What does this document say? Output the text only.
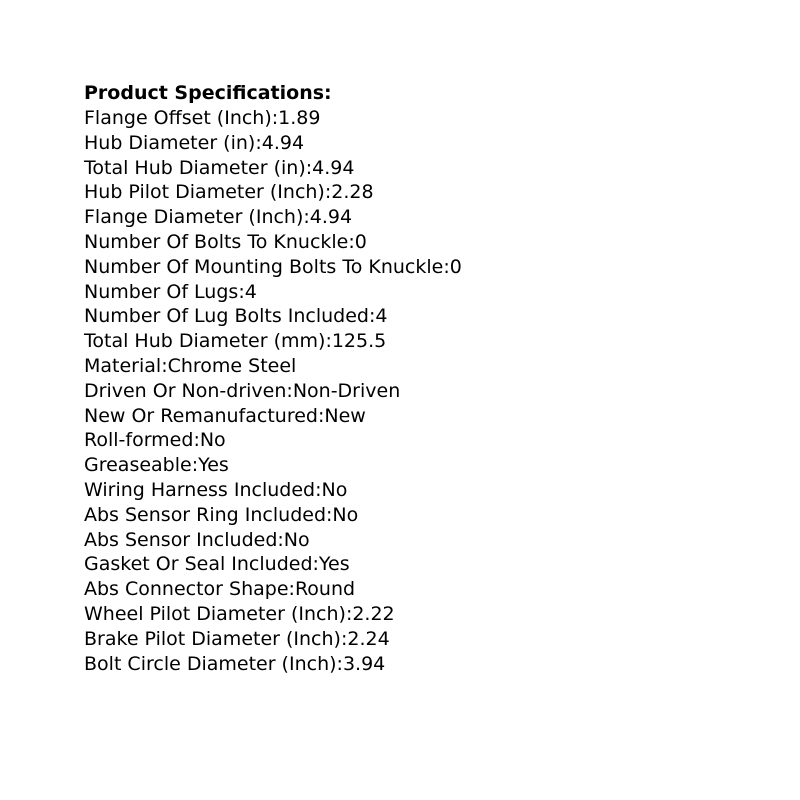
Product Specifications:
Flange Offset (Inch):1.89
Hub Diameter (in):4.94
Total Hub Diameter (in):4.94
Hub Pilot Diameter (Inch):2.28
Flange Diameter (Inch):4.94
Number Of Bolts To Knuckle:0
Number Of Mounting Bolts To Knuckle:0
Number Of Lugs:4
Number Of Lug Bolts Included:4
Total Hub Diameter (mm):125.5
Material:Chrome Steel
Driven Or Non-driven:Non-Driven
New Or Remanufactured:New
Roll-formed:No
Greaseable:Yes
Wiring Harness Included:No
Abs Sensor Ring Included:No
Abs Sensor Included:No
Gasket Or Seal Included:Yes
Abs Connector Shape:Round
Wheel Pilot Diameter (Inch):2.22
Brake Pilot Diameter (Inch):2.24
Bolt Circle Diameter (Inch):3.94
